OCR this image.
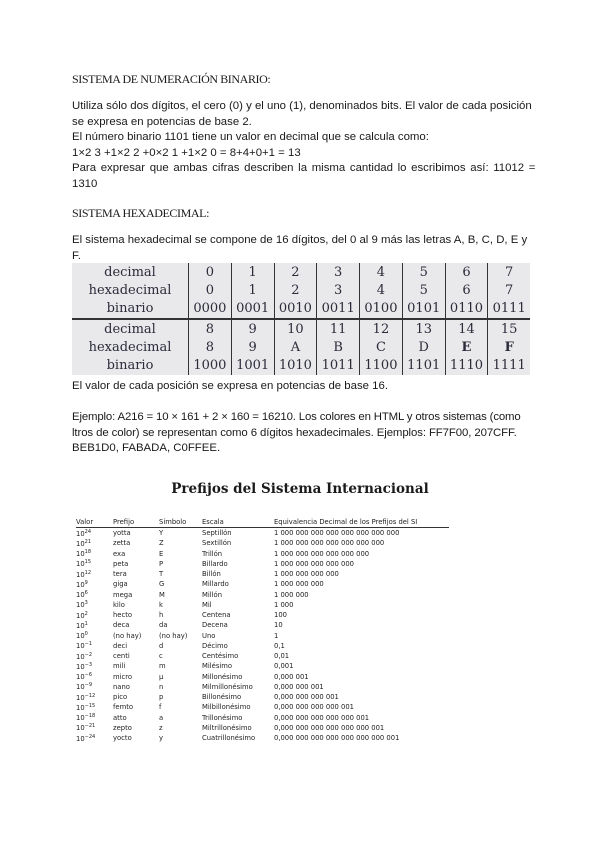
SISTEMA DE NUMERACIÓN BINARIO:
Utiliza sólo dos dígitos, el cero (0) y el uno (1), denominados bits. El valor de cada posición
se expresa en potencias de base 2.
El número binario 1101 tiene un valor en decimal que se calcula como:
1×2 3 +1×2 2 +0×2 1 +1×2 0 = 8+4+0+1 = 13
Para expresar que ambas cifras describen la misma cantidad lo escribimos así: 11012 =
1310
SISTEMA HEXADECIMAL:
El sistema hexadecimal se compone de 16 dígitos, del 0 al 9 más las letras A, B, C, D, E y
F.
decimal	0	1	2	3	4	5	6	7
hexadecimal	0	1	2	3	4	5	6	7
binario	0000	0001	0010	0011	0100	0101	0110	0111
decimal	8	9	10	11	12	13	14	15
hexadecimal	8	9	A	B	C	D	E	F
binario	1000	1001	1010	1011	1100	1101	1110	1111
El valor de cada posición se expresa en potencias de base 16.
Ejemplo: A216 = 10 × 161 + 2 × 160 = 16210. Los colores en HTML y otros sistemas (como
ltros de color) se representan como 6 dígitos hexadecimales. Ejemplos: FF7F00, 207CFF.
BEB1D0, FABADA, C0FFEE.
Prefijos del Sistema Internacional
Valor	Prefijo	Símbolo	Escala	Equivalencia Decimal de los Prefijos del SI
$10^{24}$	yotta	Y	Septillón	1 000 000 000 000 000 000 000 000
$10^{21}$	zetta	Z	Sextillón	1 000 000 000 000 000 000 000
$10^{18}$	exa	E	Trillón	1 000 000 000 000 000 000
$10^{15}$	peta	P	Billardo	1 000 000 000 000 000
$10^{12}$	tera	T	Billón	1 000 000 000 000
$10^9$	giga	G	Millardo	1 000 000 000
$10^6$	mega	M	Millón	1 000 000
$10^3$	kilo	k	Mil	1 000
$10^2$	hecto	h	Centena	100
$10^1$	deca	da	Decena	10
$10^0$	(no hay)	(no hay)	Uno	1
$10^{-1}$	deci	d	Décimo	0,1
$10^{-2}$	centi	c	Centésimo	0,01
$10^{-3}$	mili	m	Milésimo	0,001
$10^{-6}$	micro	µ	Millonésimo	0,000 001
$10^{-9}$	nano	n	Milmillonésimo	0,000 000 001
$10^{-12}$	pico	p	Billonésimo	0,000 000 000 001
$10^{-15}$	femto	f	Milbillonésimo	0,000 000 000 000 001
$10^{-18}$	atto	a	Trillonésimo	0,000 000 000 000 000 001
$10^{-21}$	zepto	z	Miltrillonésimo	0,000 000 000 000 000 000 001
$10^{-24}$	yocto	y	Cuatrillonésimo	0,000 000 000 000 000 000 000 001
